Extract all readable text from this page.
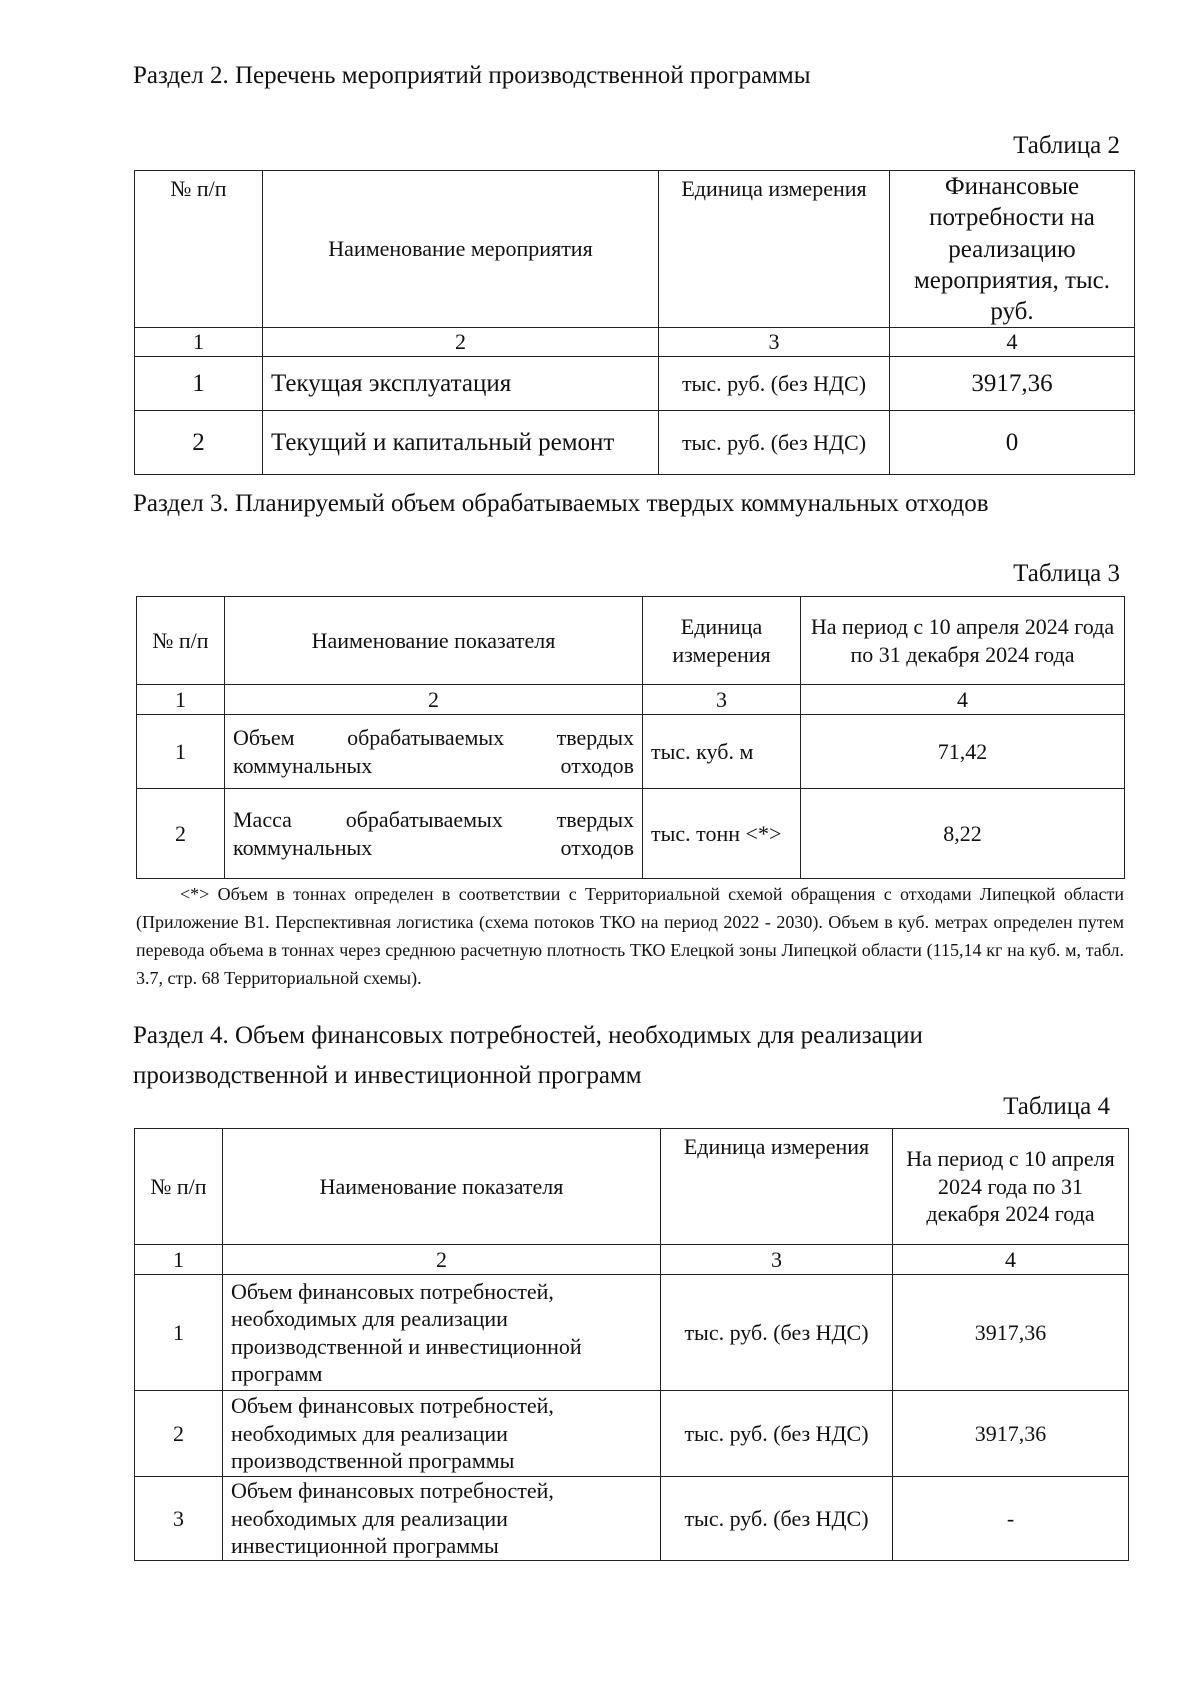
Раздел 2. Перечень мероприятий производственной программы
Таблица 2
№ п/п	Наименование мероприятия	Единица измерения	Финансовые потребности на реализацию мероприятия, тыс. руб.
1	2	3	4
1	Текущая эксплуатация	тыс. руб. (без НДС)	3917,36
2	Текущий и капитальный ремонт	тыс. руб. (без НДС)	0
Раздел 3. Планируемый объем обрабатываемых твердых коммунальных отходов
Таблица 3
№ п/п	Наименование показателя	Единица измерения	На период с 10 апреля 2024 года по 31 декабря 2024 года
1	2	3	4
1	Объем обрабатываемых твердых коммунальных отходов	тыс. куб. м	71,42
2	Масса обрабатываемых твердых коммунальных отходов	тыс. тонн <*>	8,22
<*> Объем в тоннах определен в соответствии с Территориальной схемой обращения с отходами Липецкой области (Приложение В1. Перспективная логистика (схема потоков ТКО на период 2022 - 2030). Объем в куб. метрах определен путем перевода объема в тоннах через среднюю расчетную плотность ТКО Елецкой зоны Липецкой области (115,14 кг на куб. м, табл. 3.7, стр. 68 Территориальной схемы).
Раздел 4. Объем финансовых потребностей, необходимых для реализации производственной и инвестиционной программ
Таблица 4
№ п/п	Наименование показателя	Единица измерения	На период с 10 апреля 2024 года по 31 декабря 2024 года
1	2	3	4
1	Объем финансовых потребностей, необходимых для реализации производственной и инвестиционной программ	тыс. руб. (без НДС)	3917,36
2	Объем финансовых потребностей, необходимых для реализации производственной программы	тыс. руб. (без НДС)	3917,36
3	Объем финансовых потребностей, необходимых для реализации инвестиционной программы	тыс. руб. (без НДС)	-
